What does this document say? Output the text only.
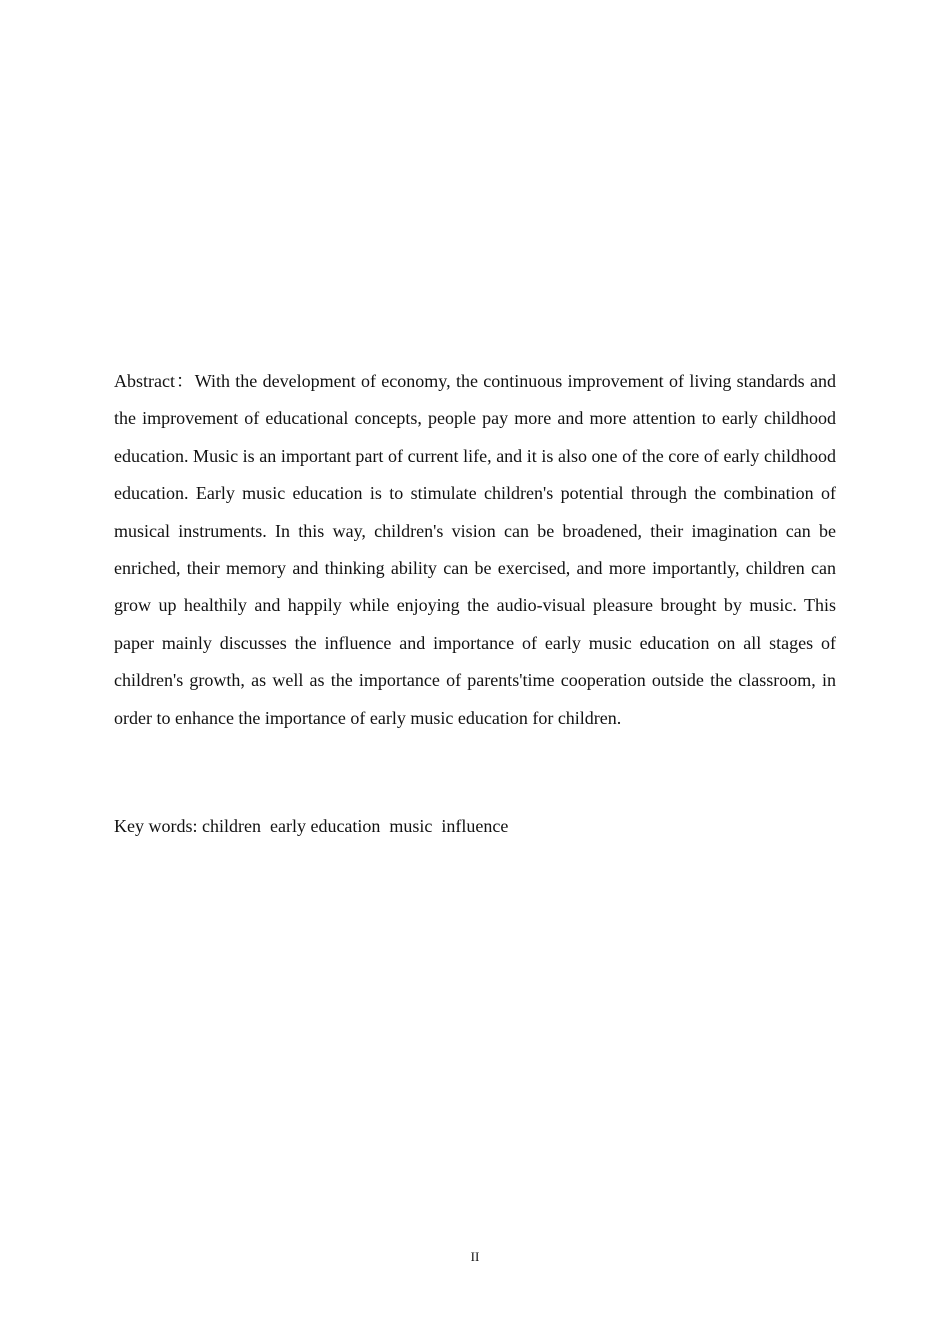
Abstract：With the development of economy, the continuous improvement of living standards and the improvement of educational concepts, people pay more and more attention to early childhood education. Music is an important part of current life, and it is also one of the core of early childhood education. Early music education is to stimulate children's potential through the combination of musical instruments. In this way, children's vision can be broadened, their imagination can be enriched, their memory and thinking ability can be exercised, and more importantly, children can grow up healthily and happily while enjoying the audio-visual pleasure brought by music. This paper mainly discusses the influence and importance of early music education on all stages of children's growth, as well as the importance of parents'time cooperation outside the classroom, in order to enhance the importance of early music education for children.

Key words: children  early education  music  influence

II
